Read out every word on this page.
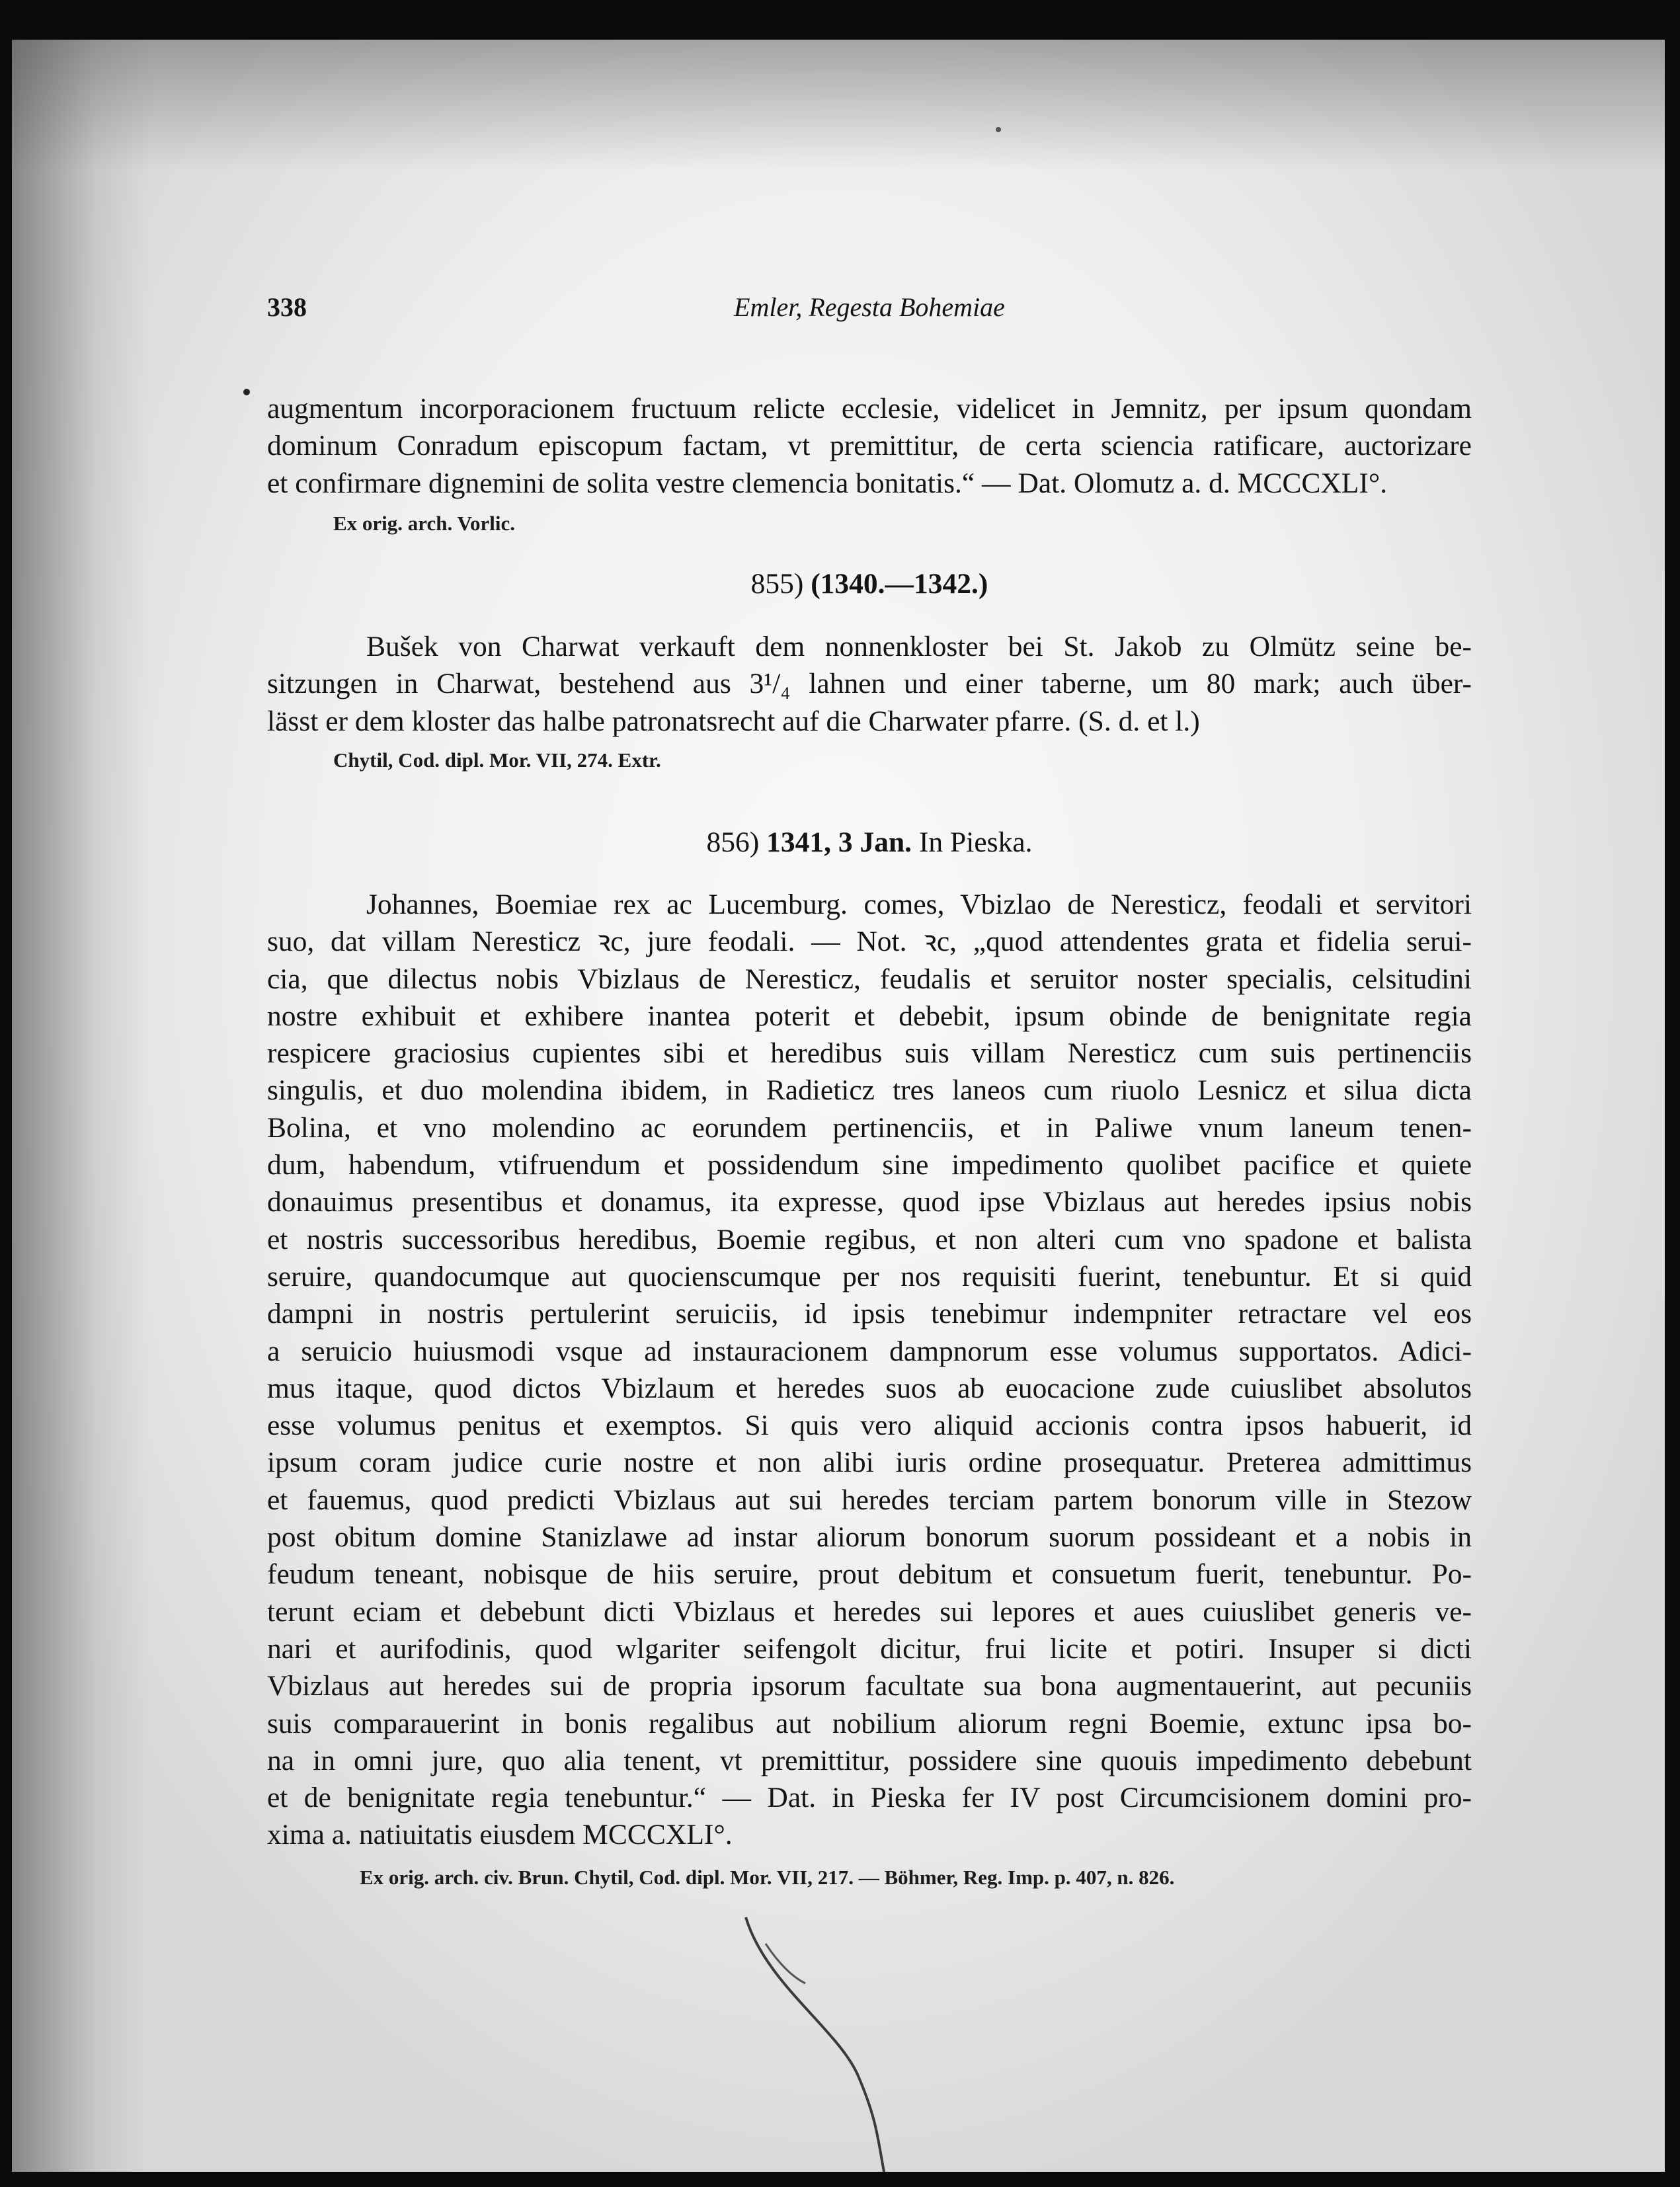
338	Emler, Regesta Bohemiae
augmentum incorporacionem fructuum relicte ecclesie, videlicet in Jemnitz, per ipsum quondam
dominum Conradum episcopum factam, vt premittitur, de certa sciencia ratificare, auctorizare
et confirmare dignemini de solita vestre clemencia bonitatis.“ — Dat. Olomutz a. d. MCCCXLI°.
Ex orig. arch. Vorlic.
855) (1340.—1342.)
Bušek von Charwat verkauft dem nonnenkloster bei St. Jakob zu Olmütz seine be-
sitzungen in Charwat, bestehend aus 3¹/₄ lahnen und einer taberne, um 80 mark; auch über-
lässt er dem kloster das halbe patronatsrecht auf die Charwater pfarre. (S. d. et l.)
Chytil, Cod. dipl. Mor. VII, 274. Extr.
856) 1341, 3 Jan. In Pieska.
Johannes, Boemiae rex ac Lucemburg. comes, Vbizlao de Neresticz, feodali et servitori
suo, dat villam Neresticz ꝛc, jure feodali. — Not. ꝛc, „quod attendentes grata et fidelia serui-
cia, que dilectus nobis Vbizlaus de Neresticz, feudalis et seruitor noster specialis, celsitudini
nostre exhibuit et exhibere inantea poterit et debebit, ipsum obinde de benignitate regia
respicere graciosius cupientes sibi et heredibus suis villam Neresticz cum suis pertinenciis
singulis, et duo molendina ibidem, in Radieticz tres laneos cum riuolo Lesnicz et silua dicta
Bolina, et vno molendino ac eorundem pertinenciis, et in Paliwe vnum laneum tenen-
dum, habendum, vtifruendum et possidendum sine impedimento quolibet pacifice et quiete
donauimus presentibus et donamus, ita expresse, quod ipse Vbizlaus aut heredes ipsius nobis
et nostris successoribus heredibus, Boemie regibus, et non alteri cum vno spadone et balista
seruire, quandocumque aut quocienscumque per nos requisiti fuerint, tenebuntur. Et si quid
dampni in nostris pertulerint seruiciis, id ipsis tenebimur indempniter retractare vel eos
a seruicio huiusmodi vsque ad instauracionem dampnorum esse volumus supportatos. Adici-
mus itaque, quod dictos Vbizlaum et heredes suos ab euocacione zude cuiuslibet absolutos
esse volumus penitus et exemptos. Si quis vero aliquid accionis contra ipsos habuerit, id
ipsum coram judice curie nostre et non alibi iuris ordine prosequatur. Preterea admittimus
et fauemus, quod predicti Vbizlaus aut sui heredes terciam partem bonorum ville in Stezow
post obitum domine Stanizlawe ad instar aliorum bonorum suorum possideant et a nobis in
feudum teneant, nobisque de hiis seruire, prout debitum et consuetum fuerit, tenebuntur. Po-
terunt eciam et debebunt dicti Vbizlaus et heredes sui lepores et aues cuiuslibet generis ve-
nari et aurifodinis, quod wlgariter seifengolt dicitur, frui licite et potiri. Insuper si dicti
Vbizlaus aut heredes sui de propria ipsorum facultate sua bona augmentauerint, aut pecuniis
suis comparauerint in bonis regalibus aut nobilium aliorum regni Boemie, extunc ipsa bo-
na in omni jure, quo alia tenent, vt premittitur, possidere sine quouis impedimento debebunt
et de benignitate regia tenebuntur.“ — Dat. in Pieska fer IV post Circumcisionem domini pro-
xima a. natiuitatis eiusdem MCCCXLI°.
Ex orig. arch. civ. Brun. Chytil, Cod. dipl. Mor. VII, 217. — Böhmer, Reg. Imp. p. 407, n. 826.
